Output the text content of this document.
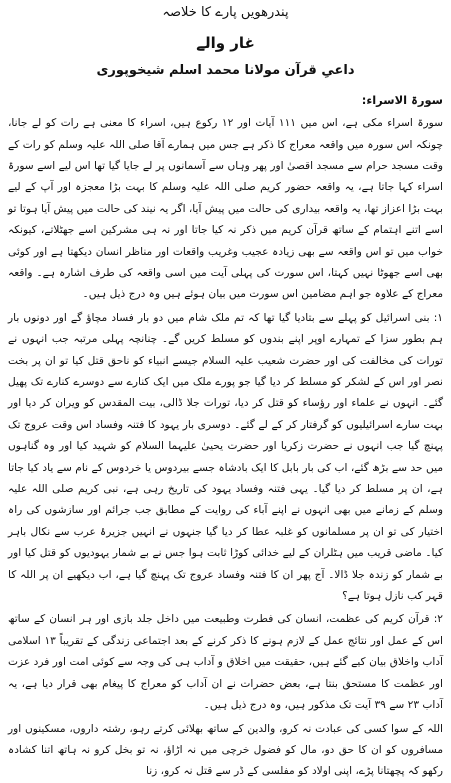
پندرھویں پارے کا خلاصہ
غار والے
داعیِ قرآن مولانا محمد اسلم شیخوپوری
سورۃ الاسراء:

سورۃ اسراء مکی ہے، اس میں ۱۱۱ آیات اور ۱۲ رکوع ہیں، اسراء کا معنی ہے رات کو لے جانا، چونکہ اس سورہ میں واقعہ معراج کا ذکر ہے جس میں ہمارے آقا صلی اللہ علیہ وسلم کو رات کے وقت مسجد حرام سے مسجد اقصیٰ اور پھر وہاں سے آسمانوں پر لے جایا گیا تھا اس لیے اسے سورۃ اسراء کہا جاتا ہے، یہ واقعہ حضور کریم صلی اللہ علیہ وسلم کا بہت بڑا معجزہ اور آپ کے لیے بہت بڑا اعزاز تھا، یہ واقعہ بیداری کی حالت میں پیش آیا، اگر یہ نیند کی حالت میں پیش آیا ہوتا تو اسے اتنے اہتمام کے ساتھ قرآن کریم میں ذکر نہ کیا جاتا اور نہ ہی مشرکین اسے جھٹلاتے، کیونکہ خواب میں تو اس واقعہ سے بھی زیادہ عجیب وغریب واقعات اور مناظر انسان دیکھتا ہے اور کوئی بھی اسے جھوٹا نہیں کہتا، اس سورت کی پہلی آیت میں اسی واقعہ کی طرف اشارہ ہے۔ واقعہ معراج کے علاوہ جو اہم مضامین اس سورت میں بیان ہوئے ہیں وہ درج ذیل ہیں۔

۱: بنی اسرائیل کو پہلے سے بتادیا گیا تھا کہ تم ملک شام میں دو بار فساد مچاؤ گے اور دونوں بار ہم بطور سزا کے تمہارے اوپر اپنے بندوں کو مسلط کریں گے۔ چنانچہ پہلی مرتبہ جب انہوں نے تورات کی مخالفت کی اور حضرت شعیب علیہ السلام جیسے انبیاء کو ناحق قتل کیا تو ان پر بخت نصر اور اس کے لشکر کو مسلط کر دیا گیا جو پورے ملک میں ایک کنارے سے دوسرے کنارے تک پھیل گئے۔ انہوں نے علماء اور رؤساء کو قتل کر دیا، تورات جلا ڈالی، بیت المقدس کو ویران کر دیا اور بہت سارے اسرائیلیوں کو گرفتار کر کے لے گئے۔ دوسری بار یہود کا فتنہ وفساد اس وقت عروج تک پہنچ گیا جب انہوں نے حضرت زکریا اور حضرت یحییٰ علیہما السلام کو شہید کیا اور وہ گناہوں میں حد سے بڑھ گئے، اب کی بار بابل کا ایک بادشاہ جسے بیردوس یا خردوس کے نام سے یاد کیا جاتا ہے، ان پر مسلط کر دیا گیا۔ یہی فتنہ وفساد یہود کی تاریخ رہی ہے، نبی کریم صلی اللہ علیہ وسلم کے زمانے میں بھی انہوں نے اپنے آباء کی روایت کے مطابق جب جرائم اور سازشوں کی راہ اختیار کی تو ان پر مسلمانوں کو غلبہ عطا کر دیا گیا جنہوں نے انہیں جزیرۂ عرب سے نکال باہر کیا۔ ماضی قریب میں ہٹلران کے لیے خدائی کوڑا ثابت ہوا جس نے بے شمار یہودیوں کو قتل کیا اور بے شمار کو زندہ جلا ڈالا۔ آج پھر ان کا فتنہ وفساد عروج تک پہنچ گیا ہے، اب دیکھیے ان پر اللہ کا قہر کب نازل ہوتا ہے؟

۲: قرآن کریم کی عظمت، انسان کی فطرت وطبیعت میں داخل جلد بازی اور ہر انسان کے ساتھ اس کے عمل اور نتائج عمل کے لازم ہونے کا ذکر کرنے کے بعد اجتماعی زندگی کے تقریباً ۱۳ اسلامی آداب واخلاق بیان کیے گئے ہیں، حقیقت میں اخلاق و آداب ہی کی وجہ سے کوئی امت اور فرد عزت اور عظمت کا مستحق بنتا ہے، بعض حضرات نے ان آداب کو معراج کا پیغام بھی قرار دیا ہے، یہ آداب ۲۳ سے ۳۹ آیت تک مذکور ہیں، وہ درج ذیل ہیں۔

اللہ کے سوا کسی کی عبادت نہ کرو، والدین کے ساتھ بھلائی کرتے رہو، رشتہ داروں، مسکینوں اور مسافروں کو ان کا حق دو، مال کو فضول خرچی میں نہ اڑاؤ، نہ تو بخل کرو نہ ہاتھ اتنا کشادہ رکھو کہ پچھتانا پڑے، اپنی اولاد کو مفلسی کے ڈر سے قتل نہ کرو، زنا
